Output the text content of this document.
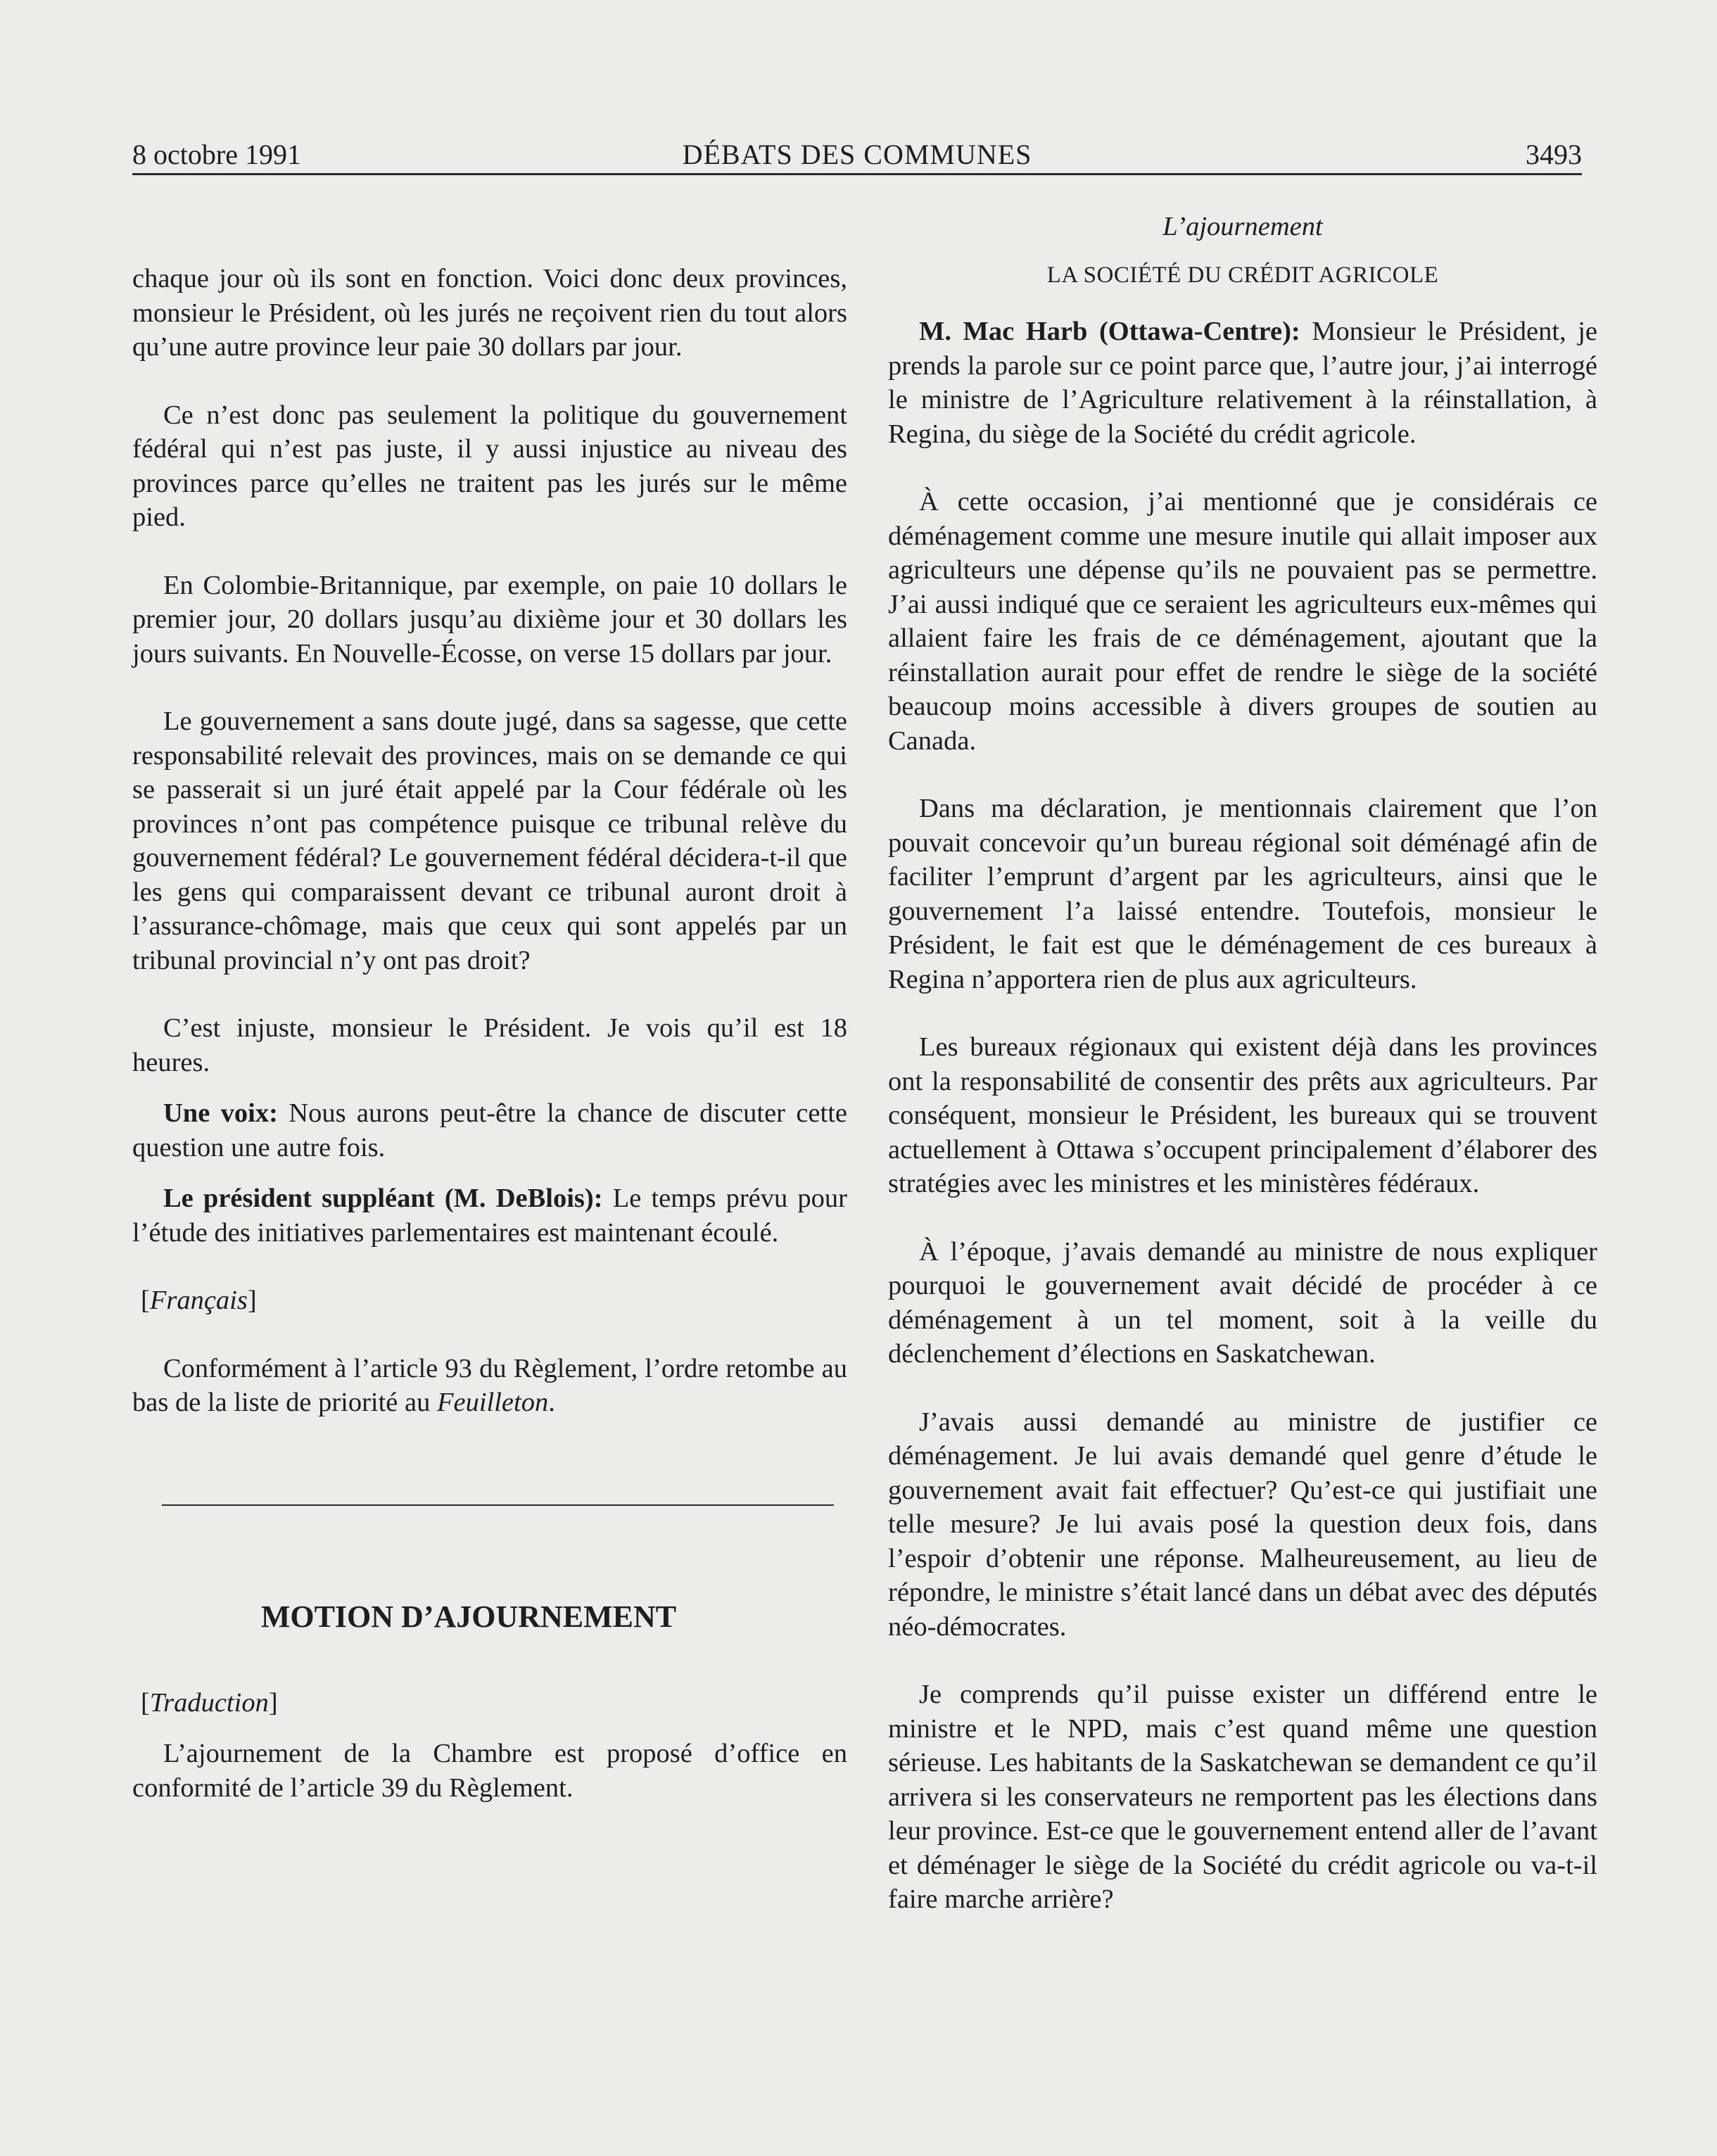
8 octobre 1991	DÉBATS DES COMMUNES	3493

chaque jour où ils sont en fonction. Voici donc deux provinces, monsieur le Président, où les jurés ne reçoivent rien du tout alors qu’une autre province leur paie 30 dollars par jour.

Ce n’est donc pas seulement la politique du gouvernement fédéral qui n’est pas juste, il y aussi injustice au niveau des provinces parce qu’elles ne traitent pas les jurés sur le même pied.

En Colombie-Britannique, par exemple, on paie 10 dollars le premier jour, 20 dollars jusqu’au dixième jour et 30 dollars les jours suivants. En Nouvelle-Écosse, on verse 15 dollars par jour.

Le gouvernement a sans doute jugé, dans sa sagesse, que cette responsabilité relevait des provinces, mais on se demande ce qui se passerait si un juré était appelé par la Cour fédérale où les provinces n’ont pas compétence puisque ce tribunal relève du gouvernement fédéral? Le gouvernement fédéral décidera-t-il que les gens qui comparaissent devant ce tribunal auront droit à l’assurance-chômage, mais que ceux qui sont appelés par un tribunal provincial n’y ont pas droit?

C’est injuste, monsieur le Président. Je vois qu’il est 18 heures.

Une voix: Nous aurons peut-être la chance de discuter cette question une autre fois.

Le président suppléant (M. DeBlois): Le temps prévu pour l’étude des initiatives parlementaires est maintenant écoulé.

[Français]

Conformément à l’article 93 du Règlement, l’ordre retombe au bas de la liste de priorité au Feuilleton.

MOTION D’AJOURNEMENT

[Traduction]

L’ajournement de la Chambre est proposé d’office en conformité de l’article 39 du Règlement.

L’ajournement

LA SOCIÉTÉ DU CRÉDIT AGRICOLE

M. Mac Harb (Ottawa-Centre): Monsieur le Président, je prends la parole sur ce point parce que, l’autre jour, j’ai interrogé le ministre de l’Agriculture relativement à la réinstallation, à Regina, du siège de la Société du crédit agricole.

À cette occasion, j’ai mentionné que je considérais ce déménagement comme une mesure inutile qui allait imposer aux agriculteurs une dépense qu’ils ne pouvaient pas se permettre. J’ai aussi indiqué que ce seraient les agriculteurs eux-mêmes qui allaient faire les frais de ce déménagement, ajoutant que la réinstallation aurait pour effet de rendre le siège de la société beaucoup moins accessible à divers groupes de soutien au Canada.

Dans ma déclaration, je mentionnais clairement que l’on pouvait concevoir qu’un bureau régional soit déménagé afin de faciliter l’emprunt d’argent par les agriculteurs, ainsi que le gouvernement l’a laissé entendre. Toutefois, monsieur le Président, le fait est que le déménagement de ces bureaux à Regina n’apportera rien de plus aux agriculteurs.

Les bureaux régionaux qui existent déjà dans les provinces ont la responsabilité de consentir des prêts aux agriculteurs. Par conséquent, monsieur le Président, les bureaux qui se trouvent actuellement à Ottawa s’occupent principalement d’élaborer des stratégies avec les ministres et les ministères fédéraux.

À l’époque, j’avais demandé au ministre de nous expliquer pourquoi le gouvernement avait décidé de procéder à ce déménagement à un tel moment, soit à la veille du déclenchement d’élections en Saskatchewan.

J’avais aussi demandé au ministre de justifier ce déménagement. Je lui avais demandé quel genre d’étude le gouvernement avait fait effectuer? Qu’est-ce qui justifiait une telle mesure? Je lui avais posé la question deux fois, dans l’espoir d’obtenir une réponse. Malheureusement, au lieu de répondre, le ministre s’était lancé dans un débat avec des députés néo-démocrates.

Je comprends qu’il puisse exister un différend entre le ministre et le NPD, mais c’est quand même une question sérieuse. Les habitants de la Saskatchewan se demandent ce qu’il arrivera si les conservateurs ne remportent pas les élections dans leur province. Est-ce que le gouvernement entend aller de l’avant et déménager le siège de la Société du crédit agricole ou va-t-il faire marche arrière?
